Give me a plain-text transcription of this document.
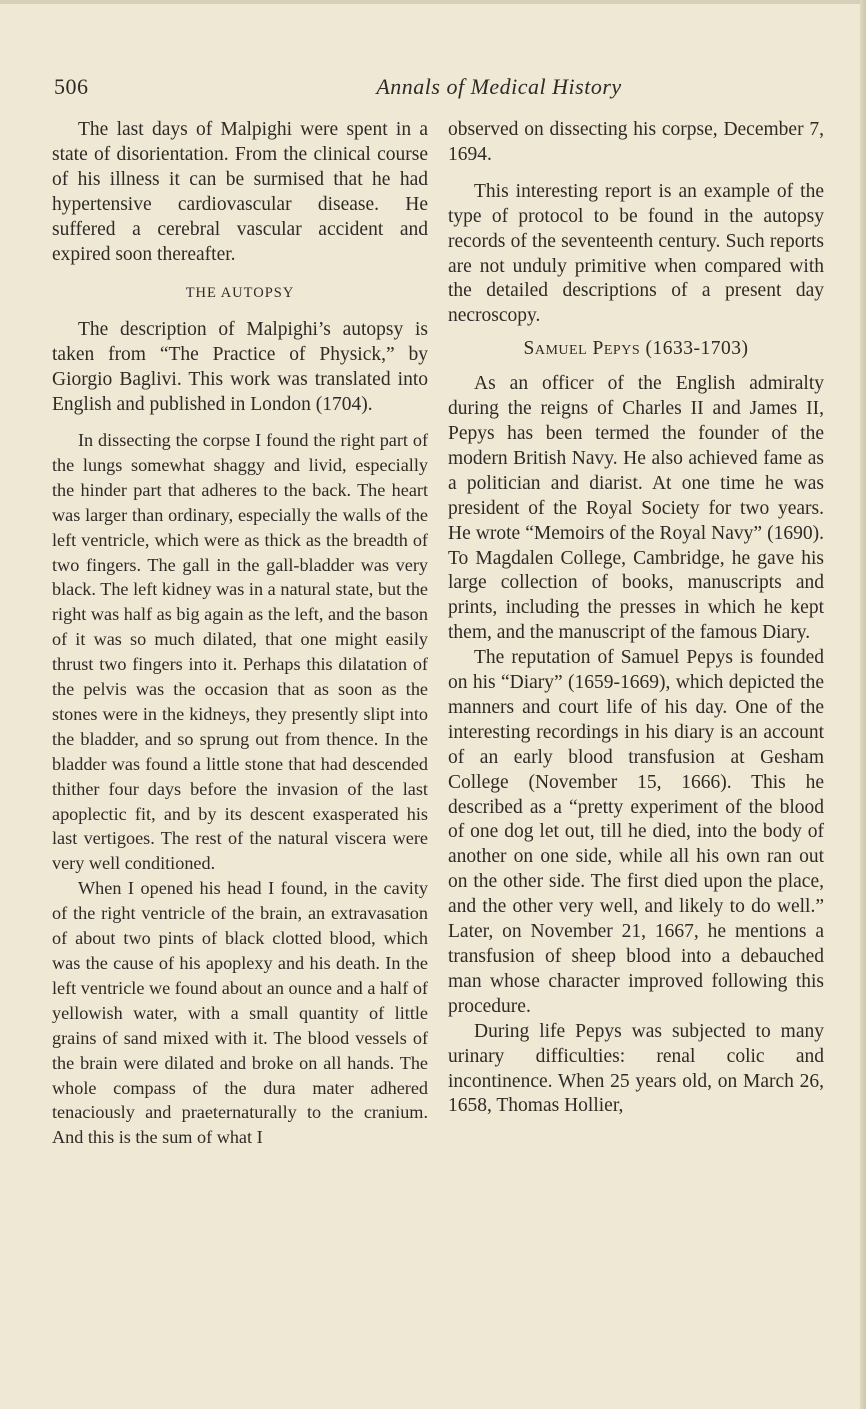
506	Annals of Medical History

The last days of Malpighi were spent in a state of disorientation. From the clinical course of his illness it can be surmised that he had hypertensive cardiovascular disease. He suffered a cerebral vascular accident and expired soon thereafter.

THE AUTOPSY

The description of Malpighi’s autopsy is taken from “The Practice of Physick,” by Giorgio Baglivi. This work was translated into English and published in London (1704).

In dissecting the corpse I found the right part of the lungs somewhat shaggy and livid, especially the hinder part that adheres to the back. The heart was larger than ordinary, especially the walls of the left ventricle, which were as thick as the breadth of two fingers. The gall in the gall-bladder was very black. The left kidney was in a natural state, but the right was half as big again as the left, and the bason of it was so much dilated, that one might easily thrust two fingers into it. Perhaps this dilatation of the pelvis was the occasion that as soon as the stones were in the kidneys, they presently slipt into the bladder, and so sprung out from thence. In the bladder was found a little stone that had descended thither four days before the invasion of the last apoplectic fit, and by its descent exasperated his last vertigoes. The rest of the natural viscera were very well conditioned.

When I opened his head I found, in the cavity of the right ventricle of the brain, an extravasation of about two pints of black clotted blood, which was the cause of his apoplexy and his death. In the left ventricle we found about an ounce and a half of yellowish water, with a small quantity of little grains of sand mixed with it. The blood vessels of the brain were dilated and broke on all hands. The whole compass of the dura mater adhered tenaciously and praeternaturally to the cranium. And this is the sum of what I

observed on dissecting his corpse, December 7, 1694.

This interesting report is an example of the type of protocol to be found in the autopsy records of the seventeenth century. Such reports are not unduly primitive when compared with the detailed descriptions of a present day necroscopy.

Samuel Pepys (1633-1703)

As an officer of the English admiralty during the reigns of Charles II and James II, Pepys has been termed the founder of the modern British Navy. He also achieved fame as a politician and diarist. At one time he was president of the Royal Society for two years. He wrote “Memoirs of the Royal Navy” (1690). To Magdalen College, Cambridge, he gave his large collection of books, manuscripts and prints, including the presses in which he kept them, and the manuscript of the famous Diary.

The reputation of Samuel Pepys is founded on his “Diary” (1659-1669), which depicted the manners and court life of his day. One of the interesting recordings in his diary is an account of an early blood transfusion at Gesham College (November 15, 1666). This he described as a “pretty experiment of the blood of one dog let out, till he died, into the body of another on one side, while all his own ran out on the other side. The first died upon the place, and the other very well, and likely to do well.” Later, on November 21, 1667, he mentions a transfusion of sheep blood into a debauched man whose character improved following this procedure.

During life Pepys was subjected to many urinary difficulties: renal colic and incontinence. When 25 years old, on March 26, 1658, Thomas Hollier,
